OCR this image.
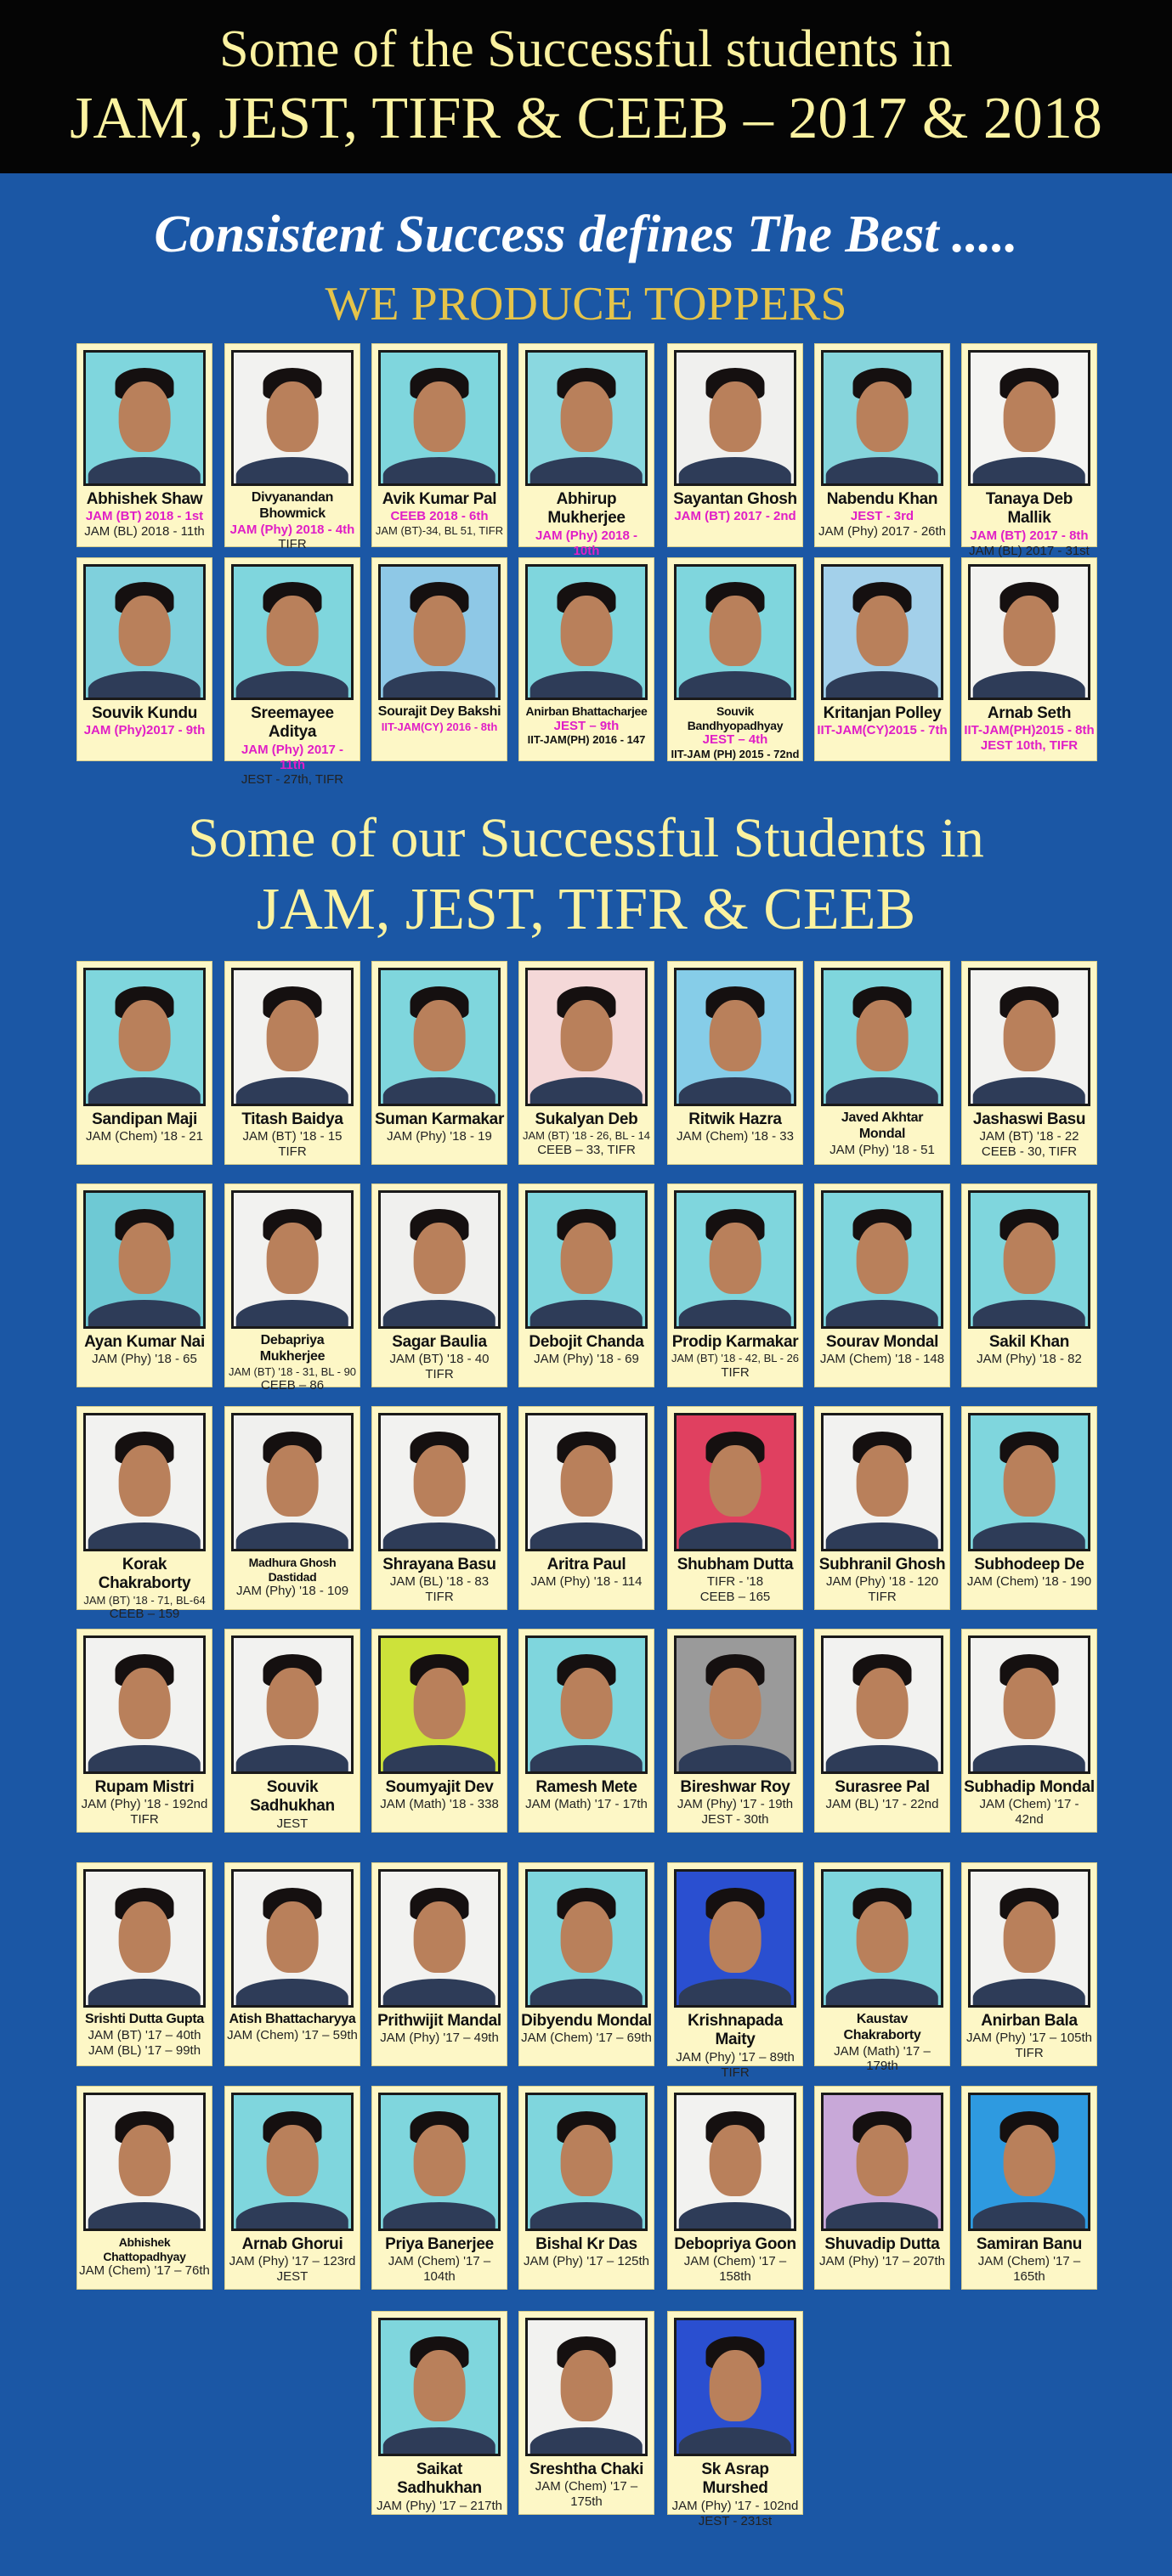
Some of the Successful students in
JAM, JEST, TIFR & CEEB – 2017 & 2018
Consistent Success defines The Best .....
WE PRODUCE TOPPERS
Abhishek Shaw
JAM (BT) 2018 - 1st
JAM (BL) 2018 - 11th
Divyanandan Bhowmick
JAM (Phy) 2018 - 4th
TIFR
Avik Kumar Pal
CEEB 2018 - 6th
JAM (BT)-34, BL 51, TIFR
Abhirup Mukherjee
JAM (Phy) 2018 - 10th
Sayantan Ghosh
JAM (BT) 2017 - 2nd
Nabendu Khan
JEST - 3rd
JAM (Phy) 2017 - 26th
Tanaya Deb Mallik
JAM (BT) 2017 - 8th
JAM (BL) 2017 - 31st
Souvik Kundu
JAM (Phy)2017 - 9th
Sreemayee Aditya
JAM (Phy) 2017 - 11th
JEST - 27th, TIFR
Sourajit Dey Bakshi
IIT-JAM(CY) 2016 - 8th
Anirban Bhattacharjee
JEST – 9th
IIT-JAM(PH) 2016 - 147
Souvik Bandhyopadhyay
JEST – 4th
IIT-JAM (PH) 2015 - 72nd
Kritanjan Polley
IIT-JAM(CY)2015 - 7th
Arnab Seth
IIT-JAM(PH)2015 - 8th
JEST 10th, TIFR
Some of our Successful Students in
JAM, JEST, TIFR & CEEB
Sandipan Maji
JAM (Chem) '18 - 21
Titash Baidya
JAM (BT) '18 - 15
TIFR
Suman Karmakar
JAM (Phy) '18 - 19
Sukalyan Deb
JAM (BT) '18 - 26, BL - 14
CEEB – 33, TIFR
Ritwik Hazra
JAM (Chem) '18 - 33
Javed Akhtar Mondal
JAM (Phy) '18 - 51
Jashaswi Basu
JAM (BT) '18 - 22
CEEB - 30, TIFR
Ayan Kumar Nai
JAM (Phy) '18 - 65
Debapriya Mukherjee
JAM (BT) '18 - 31, BL - 90
CEEB – 86
Sagar Baulia
JAM (BT) '18 - 40
TIFR
Debojit Chanda
JAM (Phy) '18 - 69
Prodip Karmakar
JAM (BT) '18 - 42, BL - 26
TIFR
Sourav Mondal
JAM (Chem) '18 - 148
Sakil Khan
JAM (Phy) '18 - 82
Korak Chakraborty
JAM (BT) '18 - 71, BL-64
CEEB – 159
Madhura Ghosh Dastidad
JAM (Phy) '18 - 109
Shrayana Basu
JAM (BL) '18 - 83
TIFR
Aritra Paul
JAM (Phy) '18 - 114
Shubham Dutta
TIFR - '18
CEEB – 165
Subhranil Ghosh
JAM (Phy) '18 - 120
TIFR
Subhodeep De
JAM (Chem) '18 - 190
Rupam Mistri
JAM (Phy) '18 - 192nd
TIFR
Souvik Sadhukhan
JEST
Soumyajit Dev
JAM (Math) '18 - 338
Ramesh Mete
JAM (Math) '17 - 17th
Bireshwar Roy
JAM (Phy) '17 - 19th
JEST - 30th
Surasree Pal
JAM (BL) '17 - 22nd
Subhadip Mondal
JAM (Chem) '17 - 42nd
Srishti Dutta Gupta
JAM (BT) '17 – 40th
JAM (BL) '17 – 99th
Atish Bhattacharyya
JAM (Chem) '17 – 59th
Prithwijit Mandal
JAM (Phy) '17 – 49th
Dibyendu Mondal
JAM (Chem) '17 – 69th
Krishnapada Maity
JAM (Phy) '17 – 89th
TIFR
Kaustav Chakraborty
JAM (Math) '17 – 179th
Anirban Bala
JAM (Phy) '17 – 105th
TIFR
Abhishek Chattopadhyay
JAM (Chem) '17 – 76th
Arnab Ghorui
JAM (Phy) '17 – 123rd
JEST
Priya Banerjee
JAM (Chem) '17 – 104th
Bishal Kr Das
JAM (Phy) '17 – 125th
Debopriya Goon
JAM (Chem) '17 – 158th
Shuvadip Dutta
JAM (Phy) '17 – 207th
Samiran Banu
JAM (Chem) '17 – 165th
Saikat Sadhukhan
JAM (Phy) '17 – 217th
Sreshtha Chaki
JAM (Chem) '17 – 175th
Sk Asrap Murshed
JAM (Phy) '17 - 102nd
JEST - 231st
